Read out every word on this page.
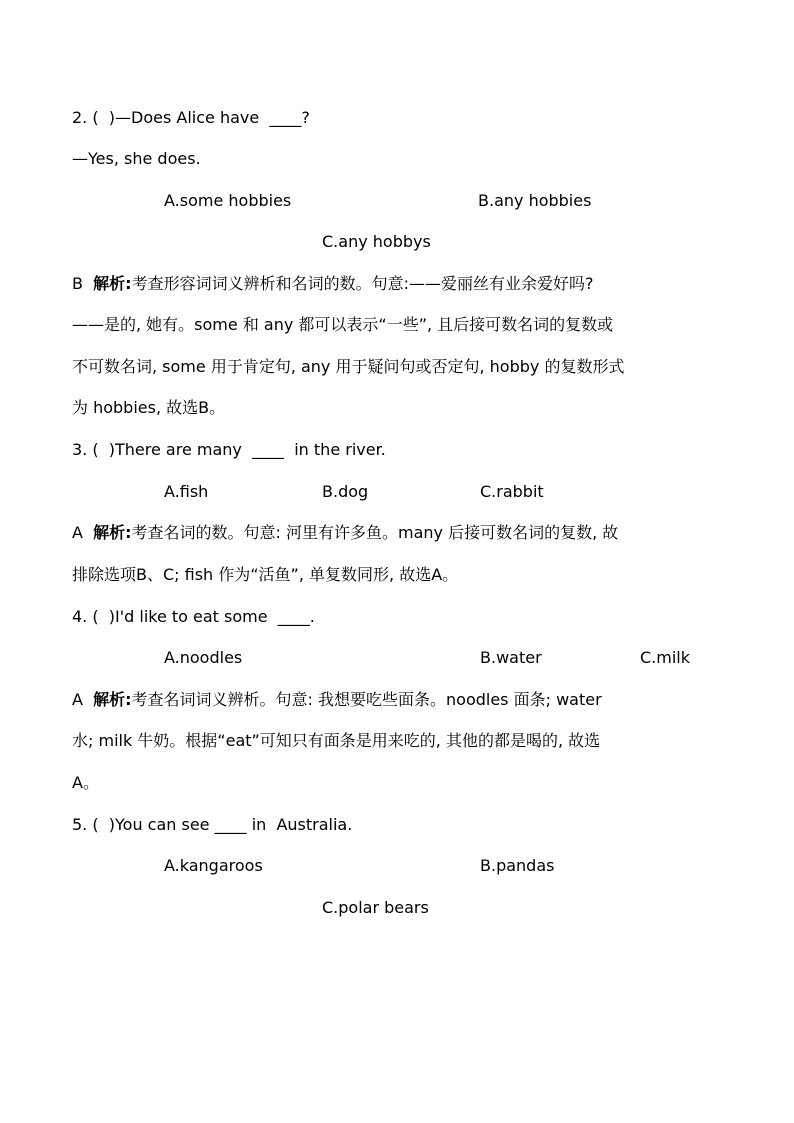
2. (  )—Does Alice have  ____?
—Yes, she does.
A.some hobbies	B.any hobbies
C.any hobbys
B 解析:考查形容词词义辨析和名词的数。句意:——爱丽丝有业余爱好吗?
——是的, 她有。some 和 any 都可以表示“一些”, 且后接可数名词的复数或
不可数名词, some 用于肯定句, any 用于疑问句或否定句, hobby 的复数形式
为 hobbies, 故选B。
3. (  )There are many  ____  in the river.
A.fish	B.dog	C.rabbit
A 解析:考查名词的数。句意: 河里有许多鱼。many 后接可数名词的复数, 故
排除选项B、C; fish 作为“活鱼”, 单复数同形, 故选A。
4. (  )I'd like to eat some  ____.
A.noodles	B.water	C.milk
A 解析:考查名词词义辨析。句意: 我想要吃些面条。noodles 面条; water
水; milk 牛奶。根据“eat”可知只有面条是用来吃的, 其他的都是喝的, 故选
A。
5. (  )You can see ____ in  Australia.
A.kangaroos	B.pandas
C.polar bears
